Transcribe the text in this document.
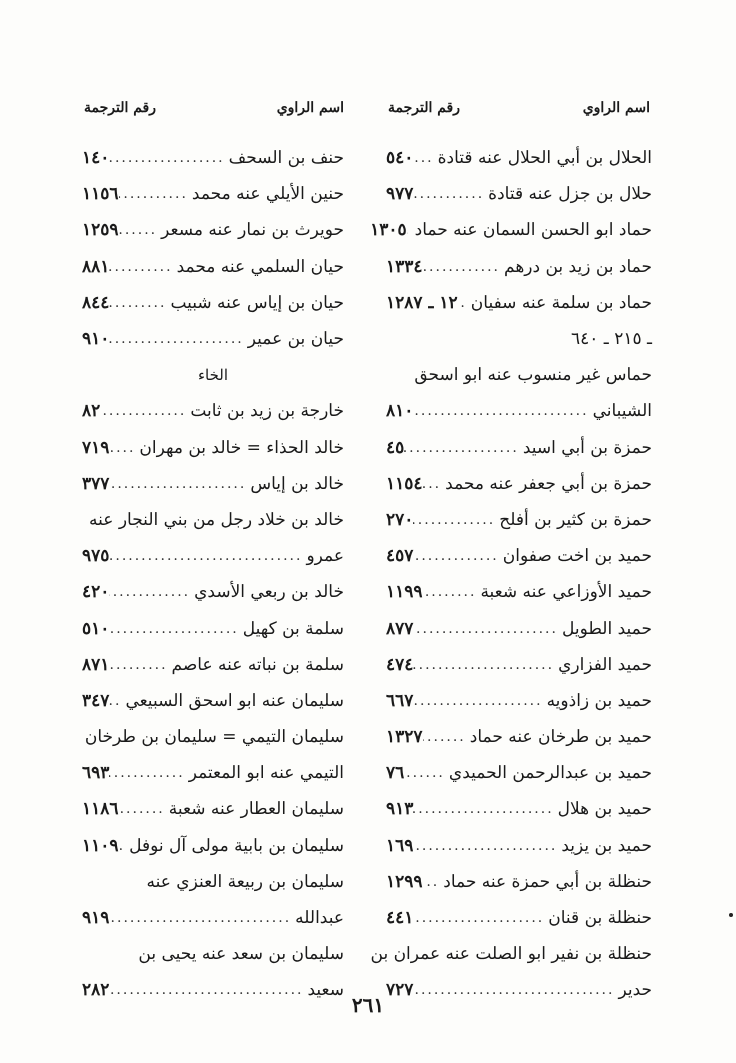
اسم الراوي
رقم الترجمة
اسم الراوي
رقم الترجمة
الحلال بن أبي الحلال عنه قتادة
.....
٥٤٠
حلال بن جزل عنه قتادة
.....
٩٧٧
حماد ابو الحسن السمان عنه حماد
.....
١٣٠٥
حماد بن زيد بن درهم
.....
١٣٣٤
حماد بن سلمة عنه سفيان
.....
١٢ ـ ١٢٨٧
ـ ٢١٥ ـ ٦٤٠
حماس غير منسوب عنه ابو اسحق
الشيباني
.....
٨١٠
حمزة بن أبي اسيد
.....
٤٥
حمزة بن أبي جعفر عنه محمد
.....
١١٥٤
حمزة بن كثير بن أفلح
.....
٢٧٠
حميد بن اخت صفوان
.....
٤٥٧
حميد الأوزاعي عنه شعبة
.....
١١٩٩
حميد الطويل
.....
٨٧٧
حميد الفزاري
.....
٤٧٤
حميد بن زاذويه
.....
٦٦٧
حميد بن طرخان عنه حماد
.....
١٣٢٧
حميد بن عبدالرحمن الحميدي
.....
٧٦
حميد بن هلال
.....
٩١٣
حميد بن يزيد
.....
١٦٩
حنظلة بن أبي حمزة عنه حماد
.....
١٢٩٩
حنظلة بن قنان
.....
٤٤١
حنظلة بن نفير ابو الصلت عنه عمران بن
حدير
.....
٧٢٧
حنف بن السحف
.....
١٤٠
حنين الأيلي عنه محمد
.....
١١٥٦
حويرث بن نمار عنه مسعر
.....
١٢٥٩
حيان السلمي عنه محمد
.....
٨٨١
حيان بن إياس عنه شبيب
.....
٨٤٤
حيان بن عمير
.....
٩١٠
الخاء
خارجة بن زيد بن ثابت
.....
٨٢
خالد الحذاء = خالد بن مهران
.....
٧١٩
خالد بن إياس
.....
٣٧٧
خالد بن خلاد رجل من بني النجار عنه
عمرو
.....
٩٧٥
خالد بن ربعي الأسدي
.....
٤٢٠
سلمة بن كهيل
.....
٥١٠
سلمة بن نباته عنه عاصم
.....
٨٧١
سليمان عنه ابو اسحق السبيعي
.....
٣٤٧
سليمان التيمي = سليمان بن طرخان
التيمي عنه ابو المعتمر
.....
٦٩٣
سليمان العطار عنه شعبة
.....
١١٨٦
سليمان بن بابية مولى آل نوفل
.....
١١٠٩
سليمان بن ربيعة العنزي عنه
عبدالله
.....
٩١٩
سليمان بن سعد عنه يحيى بن
سعيد
.....
٢٨٢
٢٦١
